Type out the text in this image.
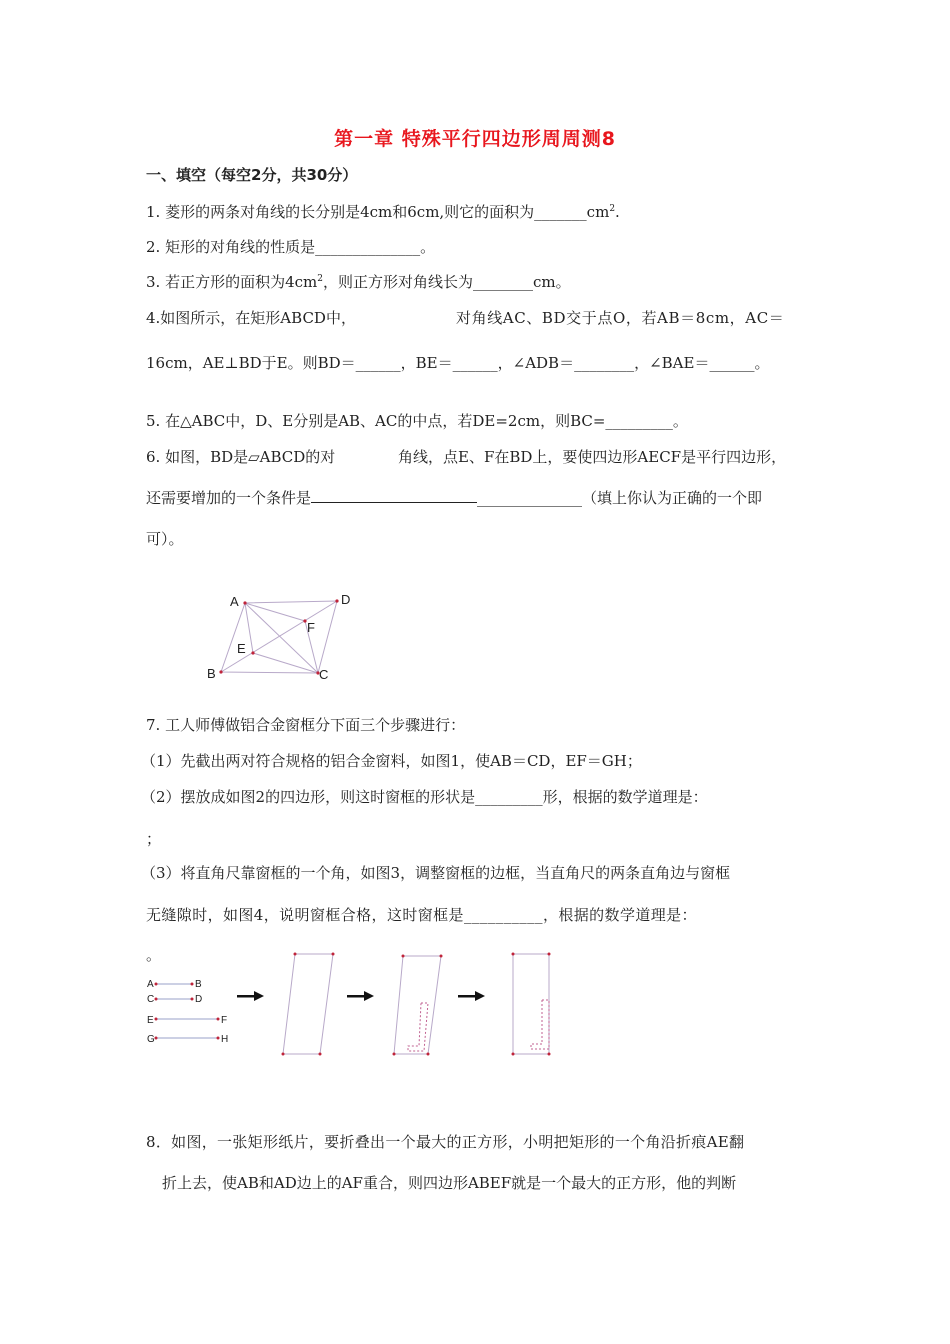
第一章 特殊平行四边形周周测8
一、填空（每空2分，共30分）
1. 菱形的两条对角线的长分别是4cm和6cm,则它的面积为$\_\_\_\_\_\_\_cm^2$.
2. 矩形的对角线的性质是______________。
3. 若正方形的面积为$4cm^2$，则正方形对角线长为________cm。
4.如图所示，在矩形ABCD中，	对角线AC、BD交于点O，若AB＝8cm，AC＝
16cm，AE⊥BD于E。则BD＝______，BE＝______，∠ADB＝________，∠BAE＝______。
5. 在△ABC中，D、E分别是AB、AC的中点，若DE=2cm，则BC=_________。
6. 如图，BD是▱ABCD的对	角线，点E、F在BD上，要使四边形AECF是平行四边形，
还需要增加的一个条件是	______________（填上你认为正确的一个即
可）。
A	D
F
E
B	C
7. 工人师傅做铝合金窗框分下面三个步骤进行：
（1）先截出两对符合规格的铝合金窗料，如图1，使AB＝CD，EF＝GH；
（2）摆放成如图2的四边形，则这时窗框的形状是_________形，根据的数学道理是：
；
（3）将直角尺靠窗框的一个角，如图3，调整窗框的边框，当直角尺的两条直角边与窗框
无缝隙时，如图4，说明窗框合格，这时窗框是__________，根据的数学道理是：
。
A	B
C	D
E	F
G	H
8．如图，一张矩形纸片，要折叠出一个最大的正方形，小明把矩形的一个角沿折痕AE翻
折上去，使AB和AD边上的AF重合，则四边形ABEF就是一个最大的正方形，他的判断
